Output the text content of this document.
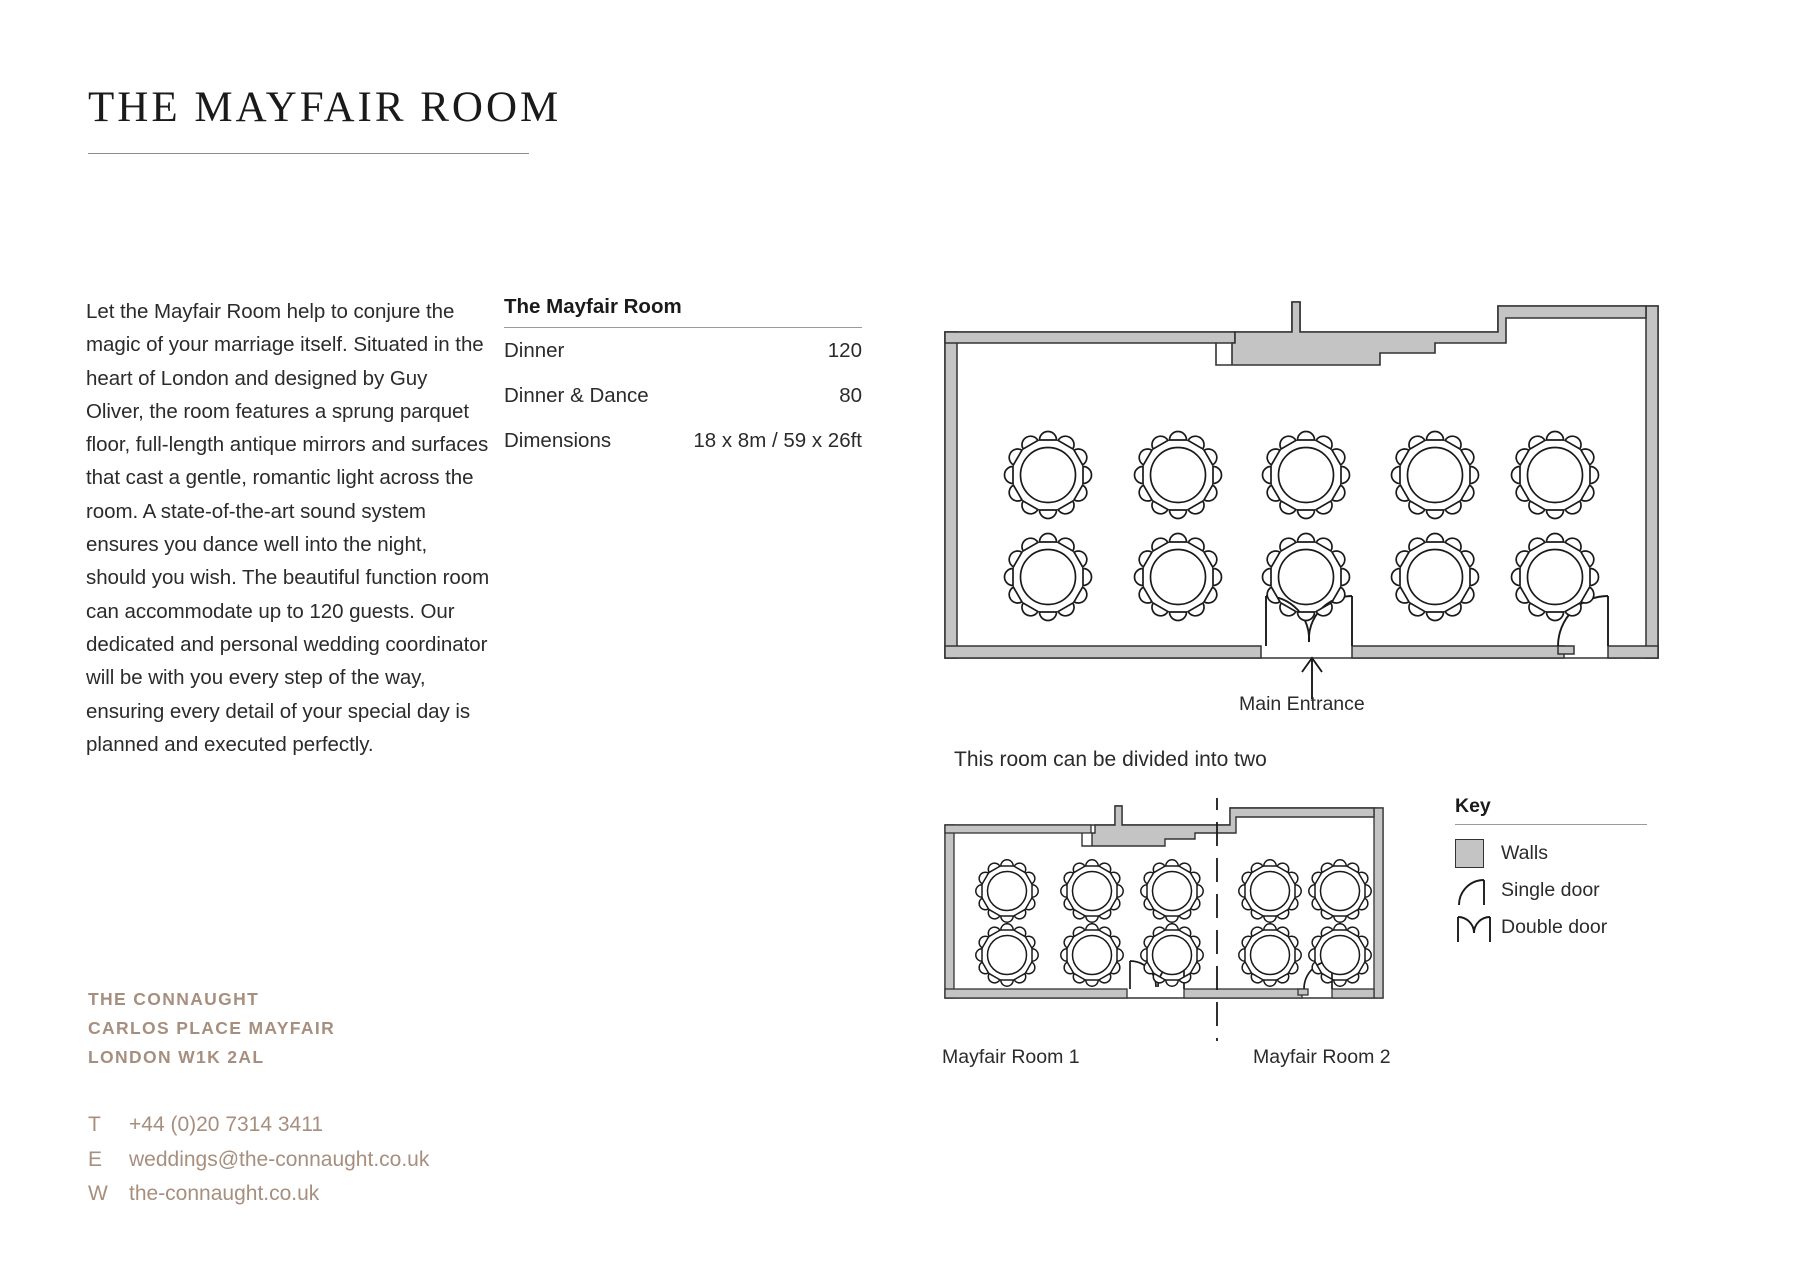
THE MAYFAIR ROOM
Let the Mayfair Room help to conjure the magic of your marriage itself. Situated in the heart of London and designed by Guy Oliver, the room features a sprung parquet floor, full-length antique mirrors and surfaces that cast a gentle, romantic light across the room. A state-of-the-art sound system ensures you dance well into the night, should you wish. The beautiful function room can accommodate up to 120 guests. Our dedicated and personal wedding coordinator will be with you every step of the way, ensuring every detail of your special day is planned and executed perfectly.
The Mayfair Room
Dinner	120
Dinner & Dance	80
Dimensions	18 x 8m / 59 x 26ft
Main Entrance
This room can be divided into two
Mayfair Room 1	Mayfair Room 2
Key
Walls
Single door
Double door
THE CONNAUGHT
CARLOS PLACE MAYFAIR
LONDON W1K 2AL
T	+44 (0)20 7314 3411
E	weddings@the-connaught.co.uk
W	the-connaught.co.uk
